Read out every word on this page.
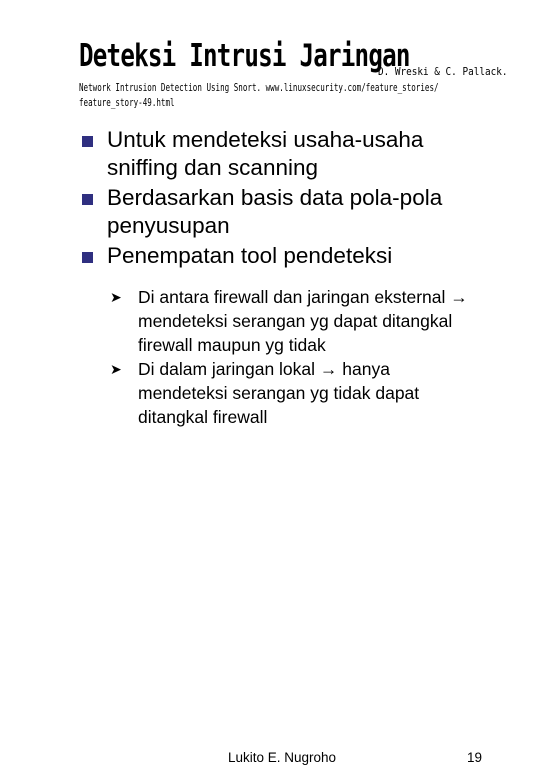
Deteksi Intrusi Jaringan
D. Wreski & C. Pallack.
Network Intrusion Detection Using Snort. www.linuxsecurity.com/feature_stories/
feature_story-49.html
Untuk mendeteksi usaha-usaha sniffing dan scanning
Berdasarkan basis data pola-pola penyusupan
Penempatan tool pendeteksi
➤ Di antara firewall dan jaringan eksternal → mendeteksi serangan yg dapat ditangkal firewall maupun yg tidak
➤ Di dalam jaringan lokal → hanya mendeteksi serangan yg tidak dapat ditangkal firewall
Lukito E. Nugroho	19
